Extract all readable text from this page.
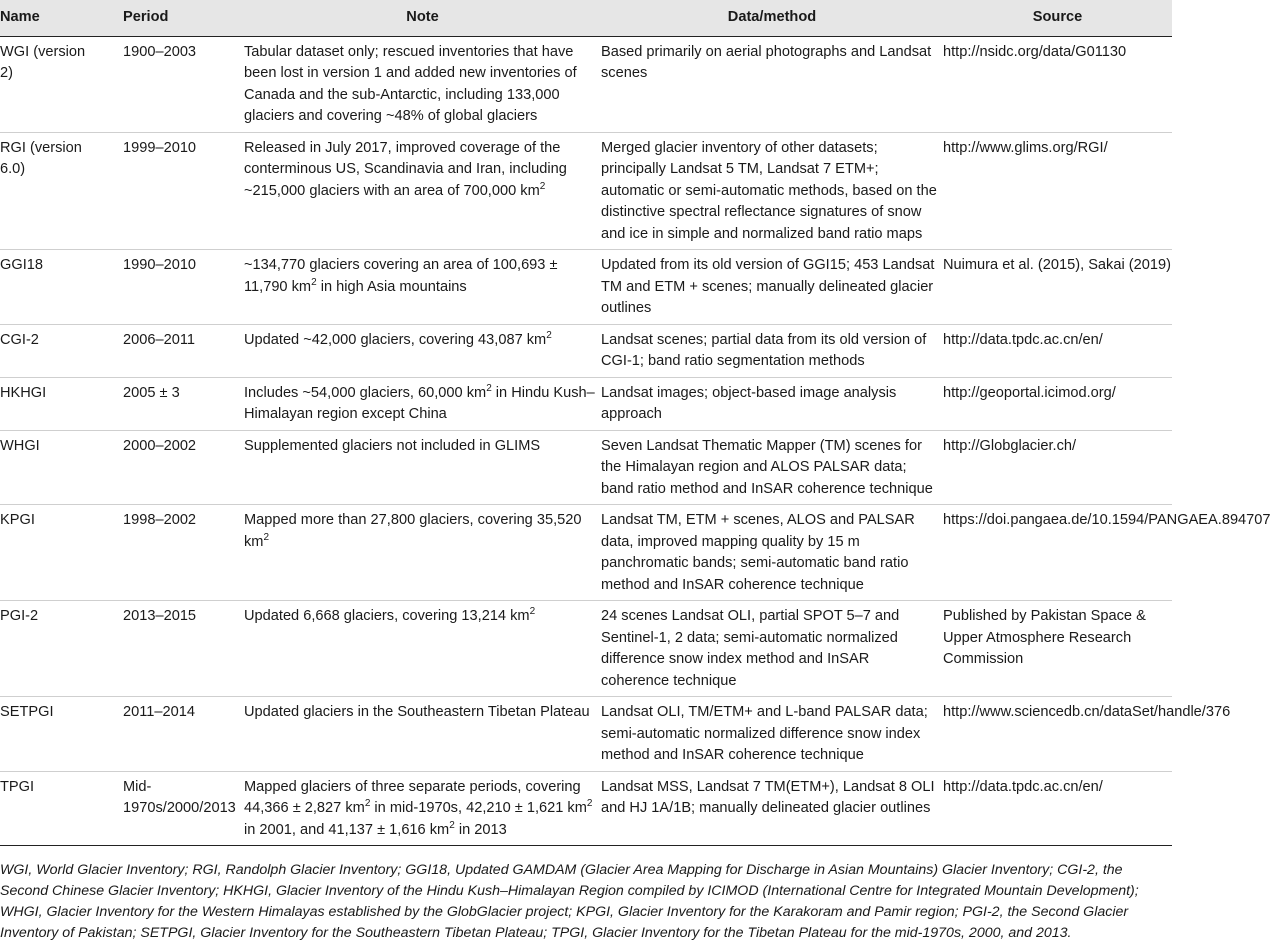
Name	Period	Note	Data/method	Source
WGI (version 2)	1900–2003	Tabular dataset only; rescued inventories that have been lost in version 1 and added new inventories of Canada and the sub-Antarctic, including 133,000 glaciers and covering ~48% of global glaciers	Based primarily on aerial photographs and Landsat scenes	http://nsidc.org/data/G01130
RGI (version 6.0)	1999–2010	Released in July 2017, improved coverage of the conterminous US, Scandinavia and Iran, including ~215,000 glaciers with an area of 700,000 $km^2$	Merged glacier inventory of other datasets; principally Landsat 5 TM, Landsat 7 ETM+; automatic or semi-automatic methods, based on the distinctive spectral reflectance signatures of snow and ice in simple and normalized band ratio maps	http://www.glims.org/RGI/
GGI18	1990–2010	~134,770 glaciers covering an area of 100,693 ± 11,790 $km^2$ in high Asia mountains	Updated from its old version of GGI15; 453 Landsat TM and ETM + scenes; manually delineated glacier outlines	Nuimura et al. (2015), Sakai (2019)
CGI-2	2006–2011	Updated ~42,000 glaciers, covering 43,087 $km^2$	Landsat scenes; partial data from its old version of CGI-1; band ratio segmentation methods	http://data.tpdc.ac.cn/en/
HKHGI	2005 ± 3	Includes ~54,000 glaciers, 60,000 $km^2$ in Hindu Kush–Himalayan region except China	Landsat images; object-based image analysis approach	http://geoportal.icimod.org/
WHGI	2000–2002	Supplemented glaciers not included in GLIMS	Seven Landsat Thematic Mapper (TM) scenes for the Himalayan region and ALOS PALSAR data; band ratio method and InSAR coherence technique	http://Globglacier.ch/
KPGI	1998–2002	Mapped more than 27,800 glaciers, covering 35,520 $km^2$	Landsat TM, ETM + scenes, ALOS and PALSAR data, improved mapping quality by 15 m panchromatic bands; semi-automatic band ratio method and InSAR coherence technique	https://doi.pangaea.de/10.1594/PANGAEA.894707
PGI-2	2013–2015	Updated 6,668 glaciers, covering 13,214 $km^2$	24 scenes Landsat OLI, partial SPOT 5–7 and Sentinel-1, 2 data; semi-automatic normalized difference snow index method and InSAR coherence technique	Published by Pakistan Space & Upper Atmosphere Research Commission
SETPGI	2011–2014	Updated glaciers in the Southeastern Tibetan Plateau	Landsat OLI, TM/ETM+ and L-band PALSAR data; semi-automatic normalized difference snow index method and InSAR coherence technique	http://www.sciencedb.cn/dataSet/handle/376
TPGI	Mid-1970s/2000/2013	Mapped glaciers of three separate periods, covering 44,366 ± 2,827 $km^2$ in mid-1970s, 42,210 ± 1,621 $km^2$ in 2001, and 41,137 ± 1,616 $km^2$ in 2013	Landsat MSS, Landsat 7 TM(ETM+), Landsat 8 OLI and HJ 1A/1B; manually delineated glacier outlines	http://data.tpdc.ac.cn/en/
WGI, World Glacier Inventory; RGI, Randolph Glacier Inventory; GGI18, Updated GAMDAM (Glacier Area Mapping for Discharge in Asian Mountains) Glacier Inventory; CGI-2, the Second Chinese Glacier Inventory; HKHGI, Glacier Inventory of the Hindu Kush–Himalayan Region compiled by ICIMOD (International Centre for Integrated Mountain Development); WHGI, Glacier Inventory for the Western Himalayas established by the GlobGlacier project; KPGI, Glacier Inventory for the Karakoram and Pamir region; PGI-2, the Second Glacier Inventory of Pakistan; SETPGI, Glacier Inventory for the Southeastern Tibetan Plateau; TPGI, Glacier Inventory for the Tibetan Plateau for the mid-1970s, 2000, and 2013.
